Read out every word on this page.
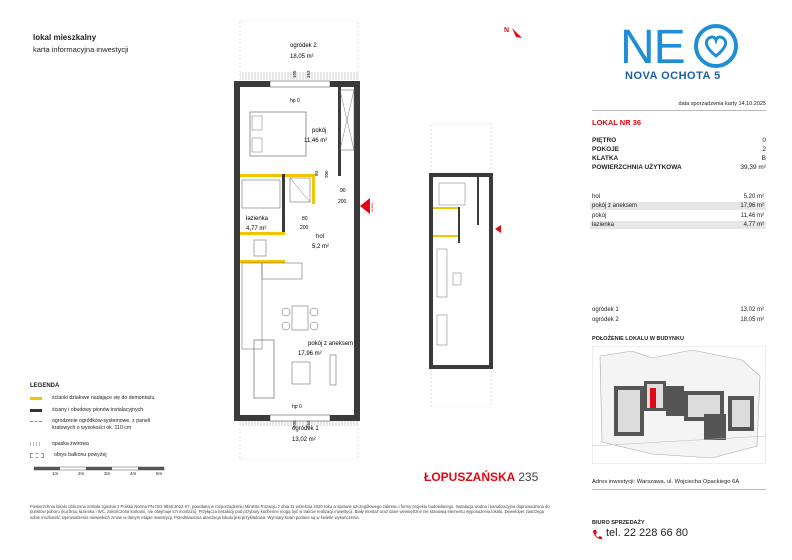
lokal mieszkalny
karta informacyjna inwestycji	NE
NOVA OCHOTA 5
data sporządzenia karty 14.10.2025
LOKAL NR 36
PIĘTRO	0
POKOJE	2
KLATKA	B
POWIERZCHNIA UŻYTKOWA	39,39 m²
hol	5,20 m²
pokój z aneksem	17,96 m²
pokój	11,46 m²
łazienka	4,77 m²
ogródek 1	13,02 m²
ogródek 2	18,05 m²
POŁOŻENIE LOKALU W BUDYNKU
Adres inwestycji: Warszawa, ul. Wojciecha Opackiego 6A
BIURO SPRZEDAŻY
tel. 22 228 66 80
LEGENDA
ścianki działowe nadające się do demontażu
ściany i obudowy pionów instalacyjnych
ogrodzenie ogródków-systemowe, z paneli kratowych o wysokości ok. 110 cm
opaska żwirowa
obrys balkonu powyżej
1m	2m	3m	4m	5m
Powierzchnia lokalu obliczona zostala zgodnie z Polska Norma PN-ISO 9836:2022-07, powołaną w rozporządzeniu Ministra Rozwoju z dnia 11 września 2020 roku w sprawie szczegółowego zakresu i formy projektu budowlanego. Instalacja wodna i kanalizacyjna doprowadzona do punktów poboru (kuchnia, łazienka i WC, zakończona korkami, nie obejmuje ich montażu). Przyłącza instalacji pod przybory kuchenne mogą być w trakcie realizacji inwestycji. Biały montaż oraz dane wewnętrzne nie stanowią elementu wyposażenia lokalu. Deweloper zastrzega sobie możliwość wprowadzenia niewielkich zmian w danym etapie inwestycji. Przedstawiona aranżacja lokalu jest przykładowa. Wymiary ścian podane są w świetle wykończenia.
ŁOPUSZAŃSKA 235
N
wejście
ogródek 2
18,05 m²
ogródek 1
13,02 m²
pokój
11,46 m²
łazienka
4,77 m²
hol
5,2 m²
pokój z aneksem
17,96 m²
hp 0
hp 0
105 253
80 200
90
200
80
200
200 253
